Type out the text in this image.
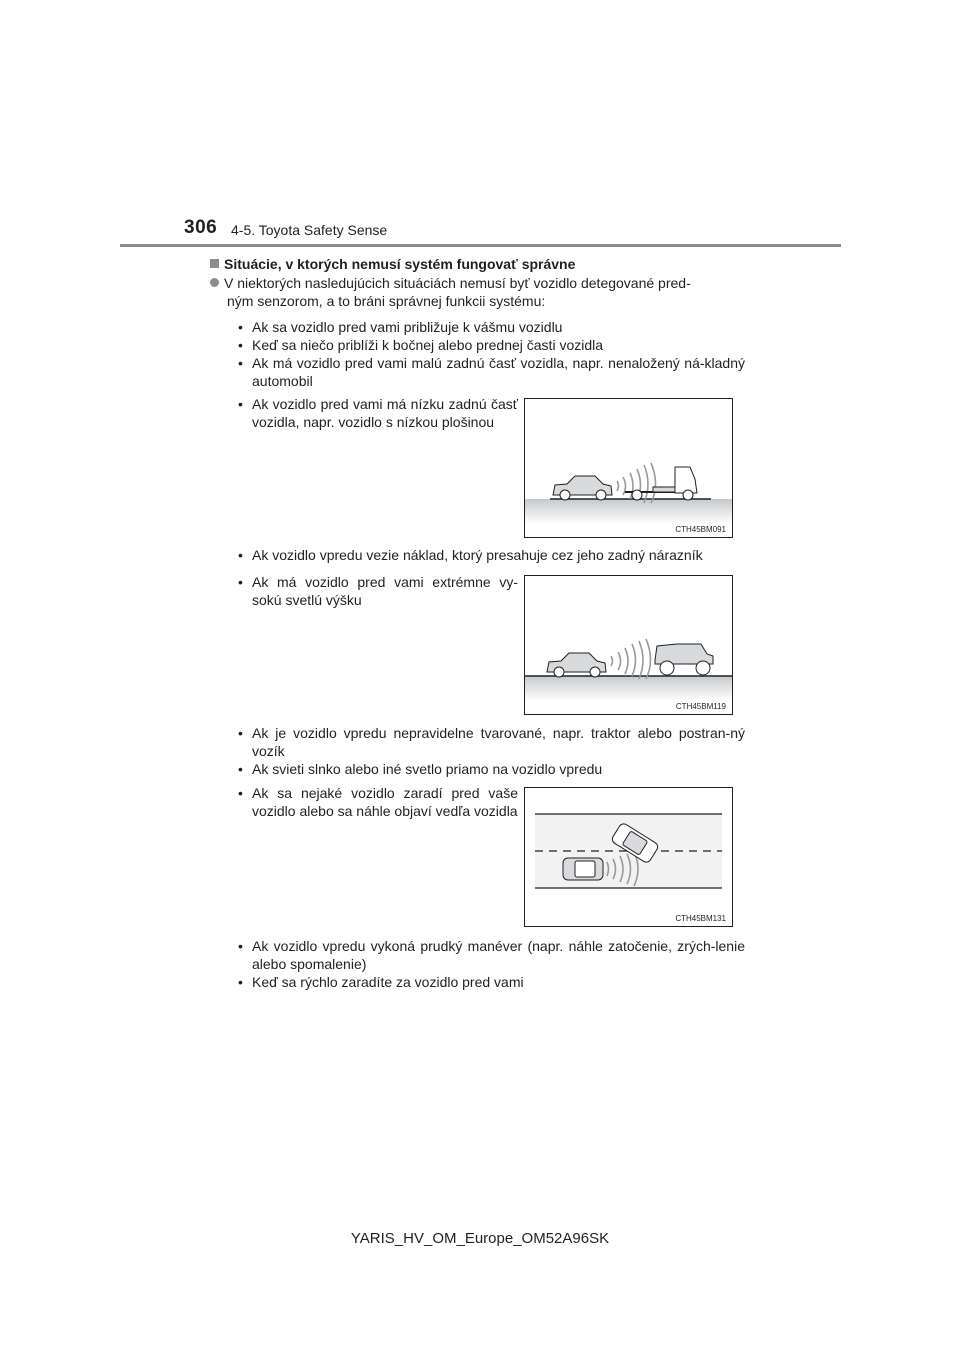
306 4-5. Toyota Safety Sense
Situácie, v ktorých nemusí systém fungovať správne
V niektorých nasledujúcich situáciách nemusí byť vozidlo detegované pred-
ným senzorom, a to bráni správnej funkcii systému:

• Ak sa vozidlo pred vami približuje k vášmu vozidlu

• Keď sa niečo priblíži k bočnej alebo prednej časti vozidla

• Ak má vozidlo pred vami malú zadnú časť vozidla, napr. nenaložený ná-kladný automobil

• Ak vozidlo pred vami má nízku zadnú časť vozidla, napr. vozidlo s nízkou plošinou

CTH45BM091

• Ak vozidlo vpredu vezie náklad, ktorý presahuje cez jeho zadný nárazník

• Ak má vozidlo pred vami extrémne vy-sokú svetlú výšku

CTH45BM119

• Ak je vozidlo vpredu nepravidelne tvarované, napr. traktor alebo postran-ný vozík

• Ak svieti slnko alebo iné svetlo priamo na vozidlo vpredu

• Ak sa nejaké vozidlo zaradí pred vaše vozidlo alebo sa náhle objaví vedľa vozidla

CTH45BM131

• Ak vozidlo vpredu vykoná prudký manéver (napr. náhle zatočenie, zrých-lenie alebo spomalenie)

• Keď sa rýchlo zaradíte za vozidlo pred vami

YARIS_HV_OM_Europe_OM52A96SK
